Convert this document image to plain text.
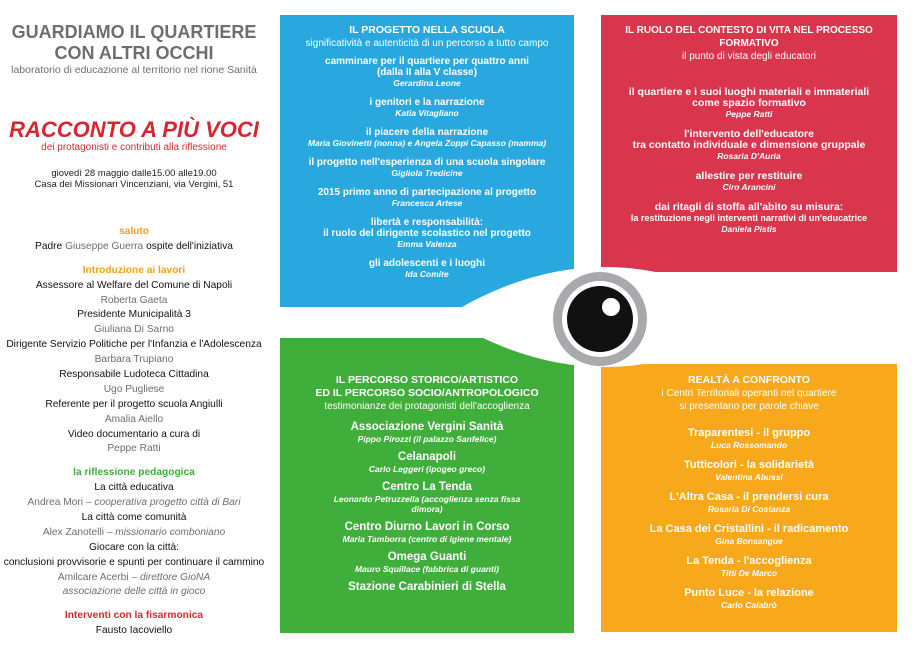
GUARDIAMO IL QUARTIERE
CON ALTRI OCCHI
laboratorio di educazione al territorio nel rione Sanità
RACCONTO A PIÙ VOCI
dei protagonisti e contributi alla riflessione
giovedì 28 maggio dalle15.00 alle19.00
Casa dei Missionari Vincenziani, via Vergini, 51
saluto
Padre Giuseppe Guerra ospite dell'iniziativa
Introduzione ai lavori
Assessore al Welfare del Comune di Napoli
Roberta Gaeta
Presidente Municipalità 3
Giuliana Di Sarno
Dirigente Servizio Politiche per l'Infanzia e l'Adolescenza
Barbara Trupiano
Responsabile Ludoteca Cittadina
Ugo Pugliese
Referente per il progetto scuola Angiulli
Amalia Aiello
Video documentario a cura di
Peppe Ratti
la riflessione pedagogica
La città educativa
Andrea Mori – cooperativa progetto città di Bari
La città come comunità
Alex Zanotelli – missionario comboniano
Giocare con la città:
conclusioni provvisorie e spunti per continuare il cammino
Amilcare Acerbi – direttore GioNA
associazione delle città in gioco
Interventi con la fisarmonica
Fausto Iacoviello
IL PROGETTO NELLA SCUOLA
significatività e autenticità di un percorso a tutto campo
camminare per il quartiere per quattro anni
(dalla II alla V classe)
Gerardina Leone
i genitori e la narrazione
Katia Vitagliano
il piacere della narrazione
Maria Giovinetti (nonna) e Angela Zoppi Capasso (mamma)
il progetto nell'esperienza di una scuola singolare
Gigliola Tredicine
2015 primo anno di partecipazione al progetto
Francesca Artese
libertà e responsabilità:
il ruolo del dirigente scolastico nel progetto
Emma Valenza
gli adolescenti e i luoghi
Ida Comite
IL RUOLO DEL CONTESTO DI VITA NEL PROCESSO FORMATIVO
il punto di vista degli educatori
il quartiere e i suoi luoghi materiali e immateriali
come spazio formativo
Peppe Ratti
l'intervento dell'educatore
tra contatto individuale e dimensione gruppale
Rosaria D'Auria
allestire per restituire
Ciro Arancini
dai ritagli di stoffa all'abito su misura:
la restituzione negli interventi narrativi di un'educatrice
Daniela Pistis
IL PERCORSO STORICO/ARTISTICO
ED IL PERCORSO SOCIO/ANTROPOLOGICO
testimonianze dei protagonisti dell'accoglienza
Associazione Vergini Sanità
Pippo Pirozzi (il palazzo Sanfelice)
Celanapoli
Carlo Leggeri (ipogeo greco)
Centro La Tenda
Leonardo Petruzzella (accoglienza senza fissa
dimora)
Centro Diurno Lavori in Corso
Maria Tamborra (centro di igiene mentale)
Omega Guanti
Mauro Squillace (fabbrica di guanti)
Stazione Carabinieri di Stella
REALTÀ A CONFRONTO
i Centri Territoriali operanti nel quartiere
si presentano per parole chiave
Traparentesi - il gruppo
Luca Rossomando
Tutticolori - la solidarietà
Valentina Abussi
L'Altra Casa - il prendersi cura
Rosaria Di Costanza
La Casa dei Cristallini - il radicamento
Gina Bonsangue
La Tenda - l'accoglienza
Titti De Marco
Punto Luce - la relazione
Carlo Calabrò
